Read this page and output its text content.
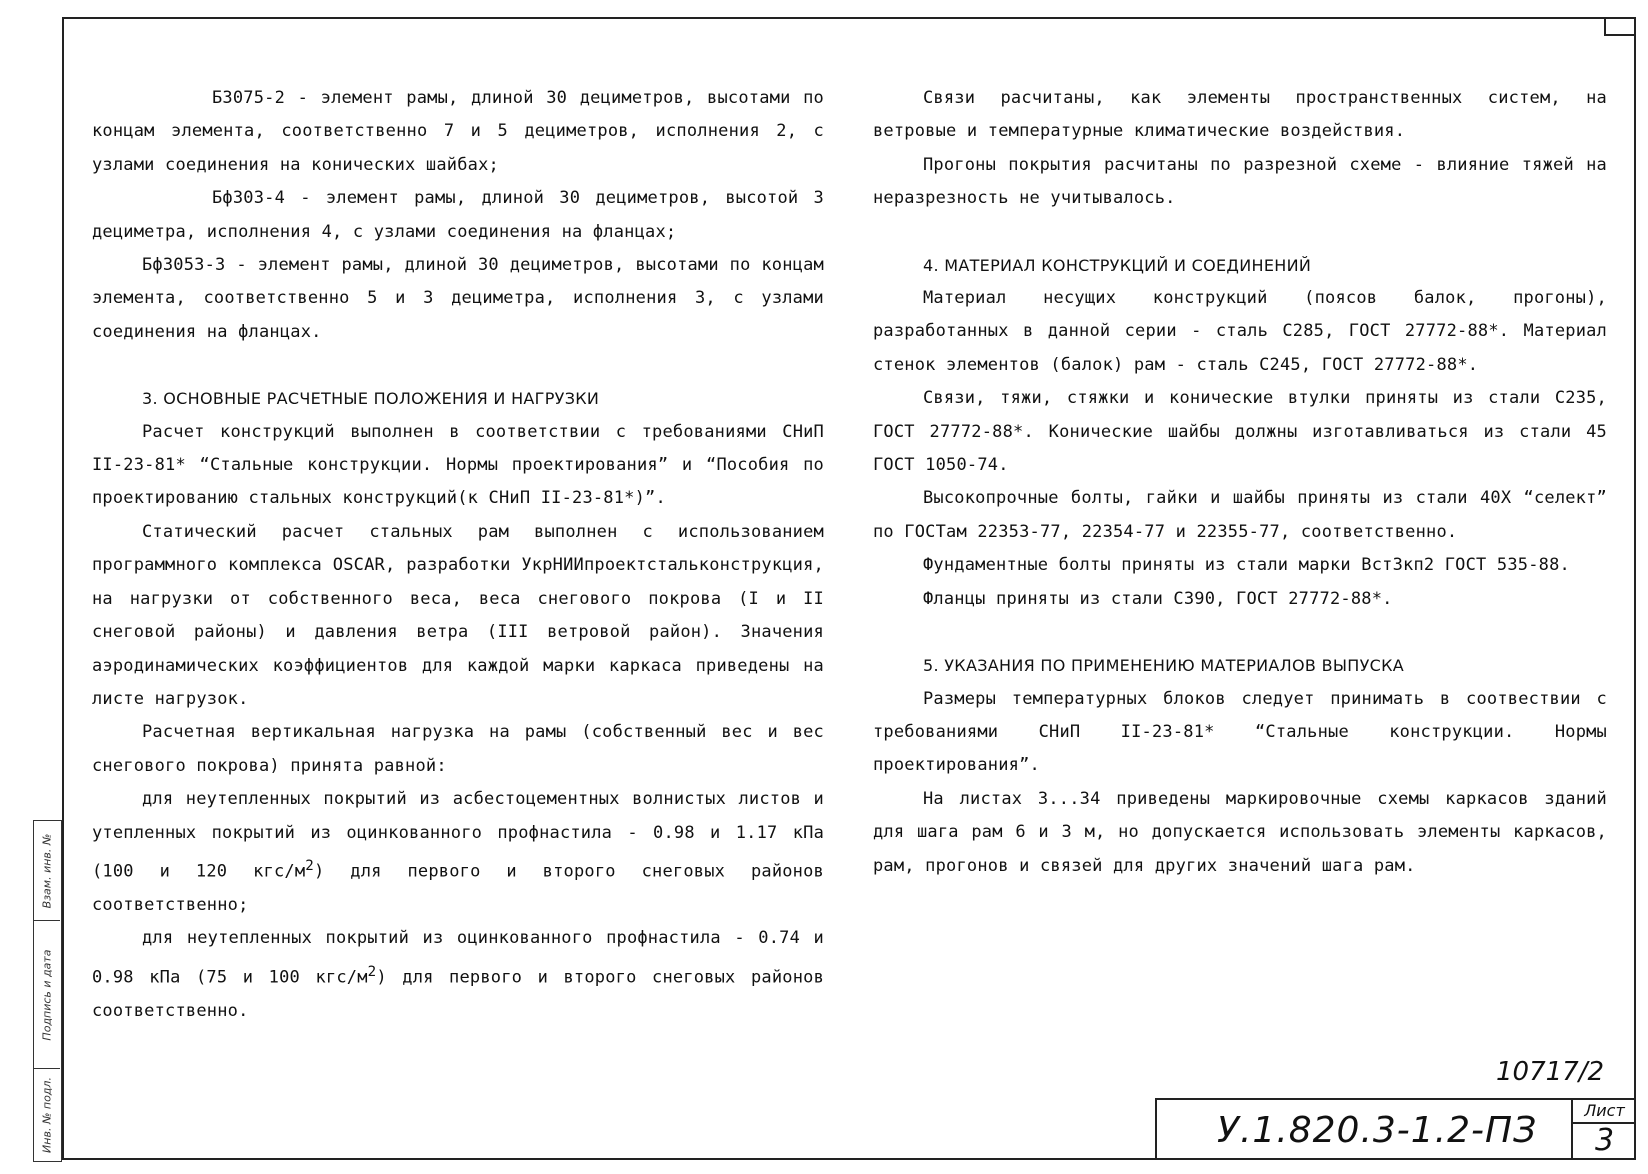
Б3075-2 - элемент рамы, длиной 30 дециметров, высотами по концам элемента, соответственно 7 и 5 дециметров, исполнения 2, с узлами соединения на конических шайбах;

Бф303-4 - элемент рамы, длиной 30 дециметров, высотой 3 дециметра, исполнения 4, с узлами соединения на фланцах;

Бф3053-3 - элемент рамы, длиной 30 дециметров, высотами по концам элемента, соответственно 5 и 3 дециметра, исполнения 3, с узлами соединения на фланцах.

3. ОСНОВНЫЕ РАСЧЕТНЫЕ ПОЛОЖЕНИЯ И НАГРУЗКИ

Расчет конструкций выполнен в соответствии с требованиями СНиП II-23-81* “Стальные конструкции. Нормы проектирования” и “Пособия по проектированию стальных конструкций(к СНиП II-23-81*)”.

Статический расчет стальных рам выполнен с использованием программного комплекса OSCAR, разработки УкрНИИпроектстальконструкция, на нагрузки от собственного веса, веса снегового покрова (I и II снеговой районы) и давления ветра (III ветровой район). Значения аэродинамических коэффициентов для каждой марки каркаса приведены на листе нагрузок.

Расчетная вертикальная нагрузка на рамы (собственный вес и вес снегового покрова) принята равной:

для неутепленных покрытий из асбестоцементных волнистых листов и утепленных покрытий из оцинкованного профнастила - 0.98 и 1.17 кПа (100 и 120 кгс/$м^2$) для первого и второго снеговых районов соответственно;

для неутепленных покрытий из оцинкованного профнастила - 0.74 и 0.98 кПа (75 и 100 кгс/$м^2$) для первого и второго снеговых районов соответственно.

Связи расчитаны, как элементы пространственных систем, на ветровые и температурные климатические воздействия.

Прогоны покрытия расчитаны по разрезной схеме - влияние тяжей на неразрезность не учитывалось.

4. МАТЕРИАЛ КОНСТРУКЦИЙ И СОЕДИНЕНИЙ

Материал несущих конструкций (поясов балок, прогоны), разработанных в данной серии - сталь С285, ГОСТ 27772-88*. Материал стенок элементов (балок) рам - сталь С245, ГОСТ 27772-88*.

Связи, тяжи, стяжки и конические втулки приняты из стали С235, ГОСТ 27772-88*. Конические шайбы должны изготавливаться из стали 45 ГОСТ 1050-74.

Высокопрочные болты, гайки и шайбы приняты из стали 40Х “селект” по ГОСТам 22353-77, 22354-77 и 22355-77, соответственно.

Фундаментные болты приняты из стали марки Вст3кп2 ГОСТ 535-88.

Фланцы приняты из стали С390, ГОСТ 27772-88*.

5. УКАЗАНИЯ ПО ПРИМЕНЕНИЮ МАТЕРИАЛОВ ВЫПУСКА

Размеры температурных блоков следует принимать в соотвествии с требованиями СНиП II-23-81* “Стальные конструкции. Нормы проектирования”.

На листах 3...34 приведены маркировочные схемы каркасов зданий для шага рам 6 и 3 м, но допускается использовать элементы каркасов, рам, прогонов и связей для других значений шага рам.

10717/2
У.1.820.3-1.2-ПЗ	Лист
3
Взам. инв. №
Подпись и дата
Инв. № подл.
